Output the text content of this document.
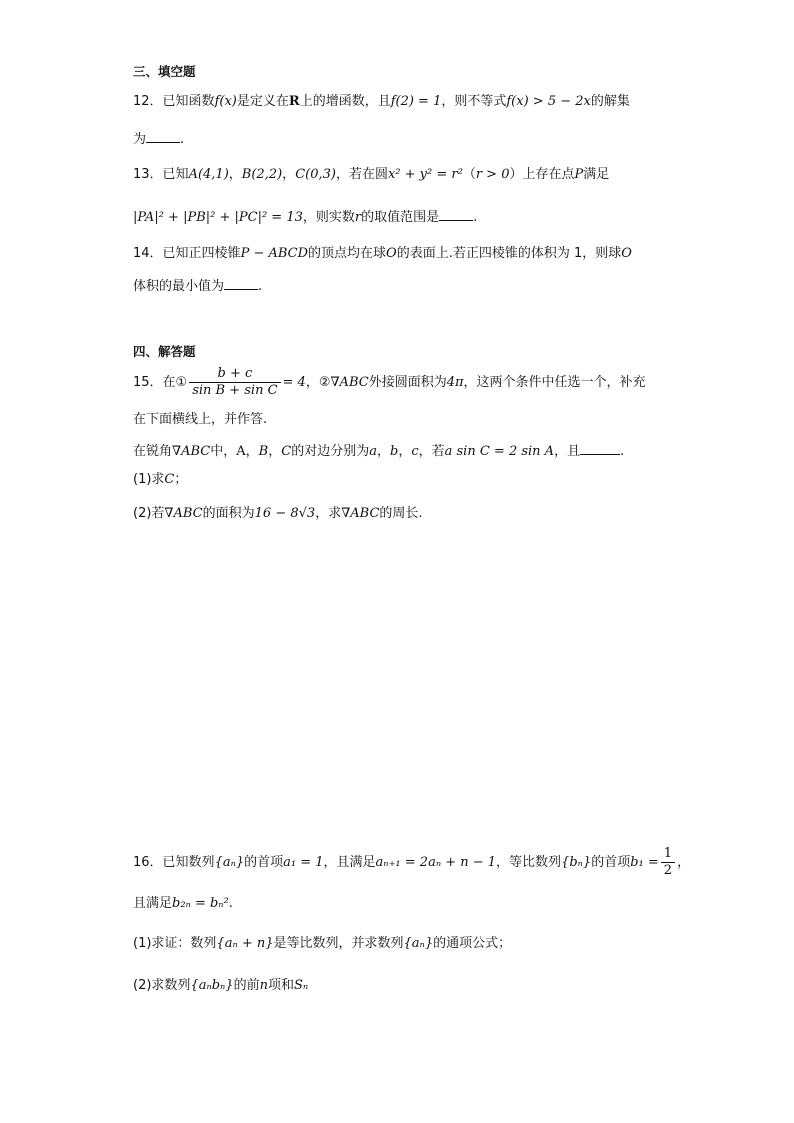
三、填空题
12．已知函数f(x)是定义在R上的增函数，且f(2) = 1，则不等式f(x) > 5 − 2x的解集
为	.
13．已知A(4,1)，B(2,2)，C(0,3)，若在圆x² + y² = r²（r > 0）上存在点P满足
|PA|² + |PB|² + |PC|² = 13，则实数r的取值范围是	.
14．已知正四棱锥P − ABCD的顶点均在球O的表面上.若正四棱锥的体积为 1，则球O
体积的最小值为	.
四、解答题
15．在① $\frac{b + c}{\text{sin B + sin C}} = 4$，②∇ABC外接圆面积为4π，这两个条件中任选一个，补充
在下面横线上，并作答.
在锐角∇ABC中，A，B，C的对边分别为a，b，c，若a sin C = 2 sin A，且	.
(1)求C；
(2)若∇ABC的面积为16 − 8√3，求∇ABC的周长.
16．已知数列{aₙ}的首项a₁ = 1，且满足aₙ₊₁ = 2aₙ + n − 1，等比数列{bₙ}的首项$b_1 = \frac{1}{2}$ ，
且满足b₂ₙ = bₙ².
(1)求证：数列{aₙ + n}是等比数列，并求数列{aₙ}的通项公式；
(2)求数列{aₙbₙ}的前n项和Sₙ
